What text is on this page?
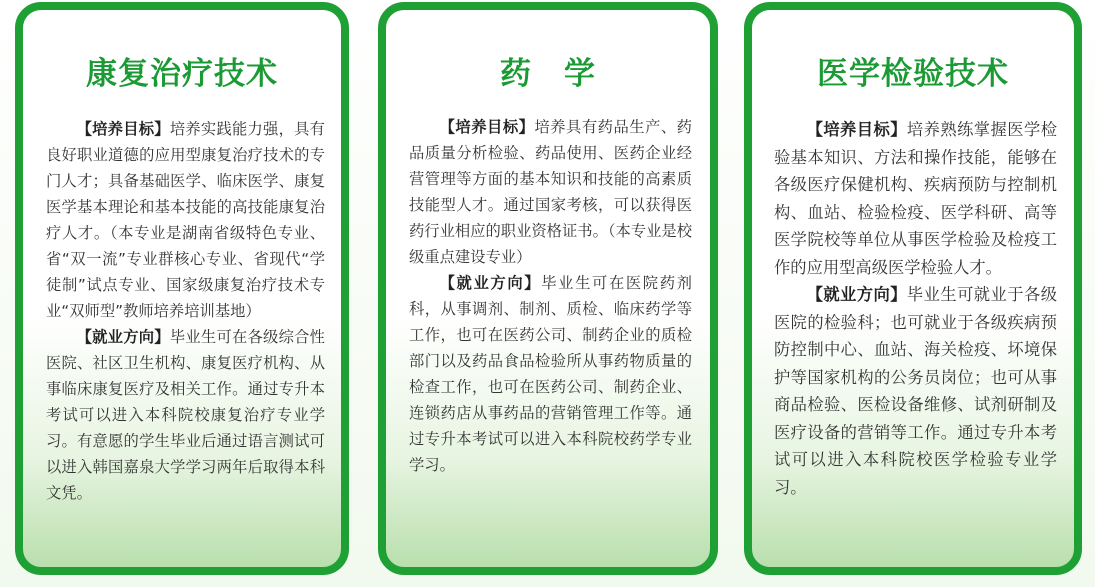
康复治疗技术

【培养目标】培养实践能力强，具有良好职业道德的应用型康复治疗技术的专门人才；具备基础医学、临床医学、康复医学基本理论和基本技能的高技能康复治疗人才。（本专业是湖南省级特色专业、省“双一流”专业群核心专业、省现代“学徒制”试点专业、国家级康复治疗技术专业“双师型”教师培养培训基地）

【就业方向】毕业生可在各级综合性医院、社区卫生机构、康复医疗机构、从事临床康复医疗及相关工作。通过专升本考试可以进入本科院校康复治疗专业学习。有意愿的学生毕业后通过语言测试可以进入韩国嘉泉大学学习两年后取得本科文凭。

药　学

【培养目标】培养具有药品生产、药品质量分析检验、药品使用、医药企业经营管理等方面的基本知识和技能的高素质技能型人才。通过国家考核，可以获得医药行业相应的职业资格证书。（本专业是校级重点建设专业）

【就业方向】毕业生可在医院药剂科，从事调剂、制剂、质检、临床药学等工作，也可在医药公司、制药企业的质检部门以及药品食品检验所从事药物质量的检查工作，也可在医药公司、制药企业、连锁药店从事药品的营销管理工作等。通过专升本考试可以进入本科院校药学专业学习。

医学检验技术

【培养目标】培养熟练掌握医学检验基本知识、方法和操作技能，能够在各级医疗保健机构、疾病预防与控制机构、血站、检验检疫、医学科研、高等医学院校等单位从事医学检验及检疫工作的应用型高级医学检验人才。

【就业方向】毕业生可就业于各级医院的检验科；也可就业于各级疾病预防控制中心、血站、海关检疫、坏境保护等国家机构的公务员岗位；也可从事商品检验、医检设备维修、试剂研制及医疗设备的营销等工作。通过专升本考试可以进入本科院校医学检验专业学习。
